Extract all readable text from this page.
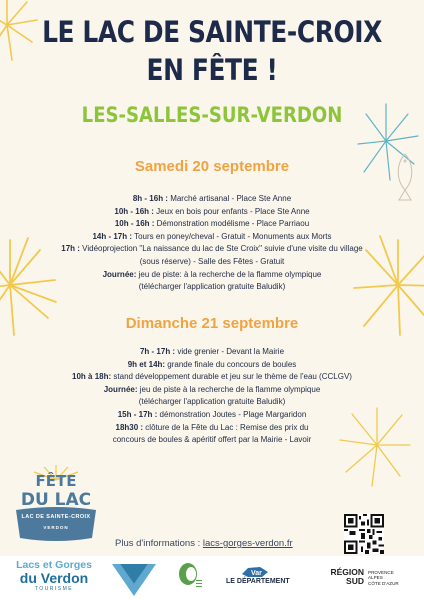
LE LAC DE SAINTE-CROIX
EN FÊTE !
LES-SALLES-SUR-VERDON
Samedi 20 septembre
8h - 16h : Marché artisanal - Place Ste Anne
10h - 16h : Jeux en bois pour enfants - Place Ste Anne
10h - 16h : Démonstration modélisme - Place Parriaou
14h - 17h : Tours en poney/cheval - Gratuit - Monuments aux Morts
17h : Vidéoprojection "La naissance du lac de Ste Croix" suivie d'une visite du village
(sous réserve) - Salle des Fêtes - Gratuit
Journée: jeu de piste: à la recherche de la flamme olympique
(télécharger l'application gratuite Baludik)
Dimanche 21 septembre
7h - 17h : vide grenier - Devant la Mairie
9h et 14h: grande finale du concours de boules
10h à 18h: stand développement durable et jeu sur le thème de l'eau (CCLGV)
Journée: jeu de piste à la recherche de la flamme olympique
(télécharger l'application gratuite Baludik)
15h - 17h : démonstration Joutes - Plage Margaridon
18h30 : clôture de la Fête du Lac : Remise des prix du
concours de boules & apéritif offert par la Mairie - Lavoir
FÊTE
DU LAC
LAC DE SAINTE-CROIX
VERDON
Plus d'informations : lacs-gorges-verdon.fr
Lacs et Gorges
du Verdon
TOURISME
Var
LE DÉPARTEMENT
RÉGION
SUD
PROVENCE
ALPES
CÔTE D'AZUR
